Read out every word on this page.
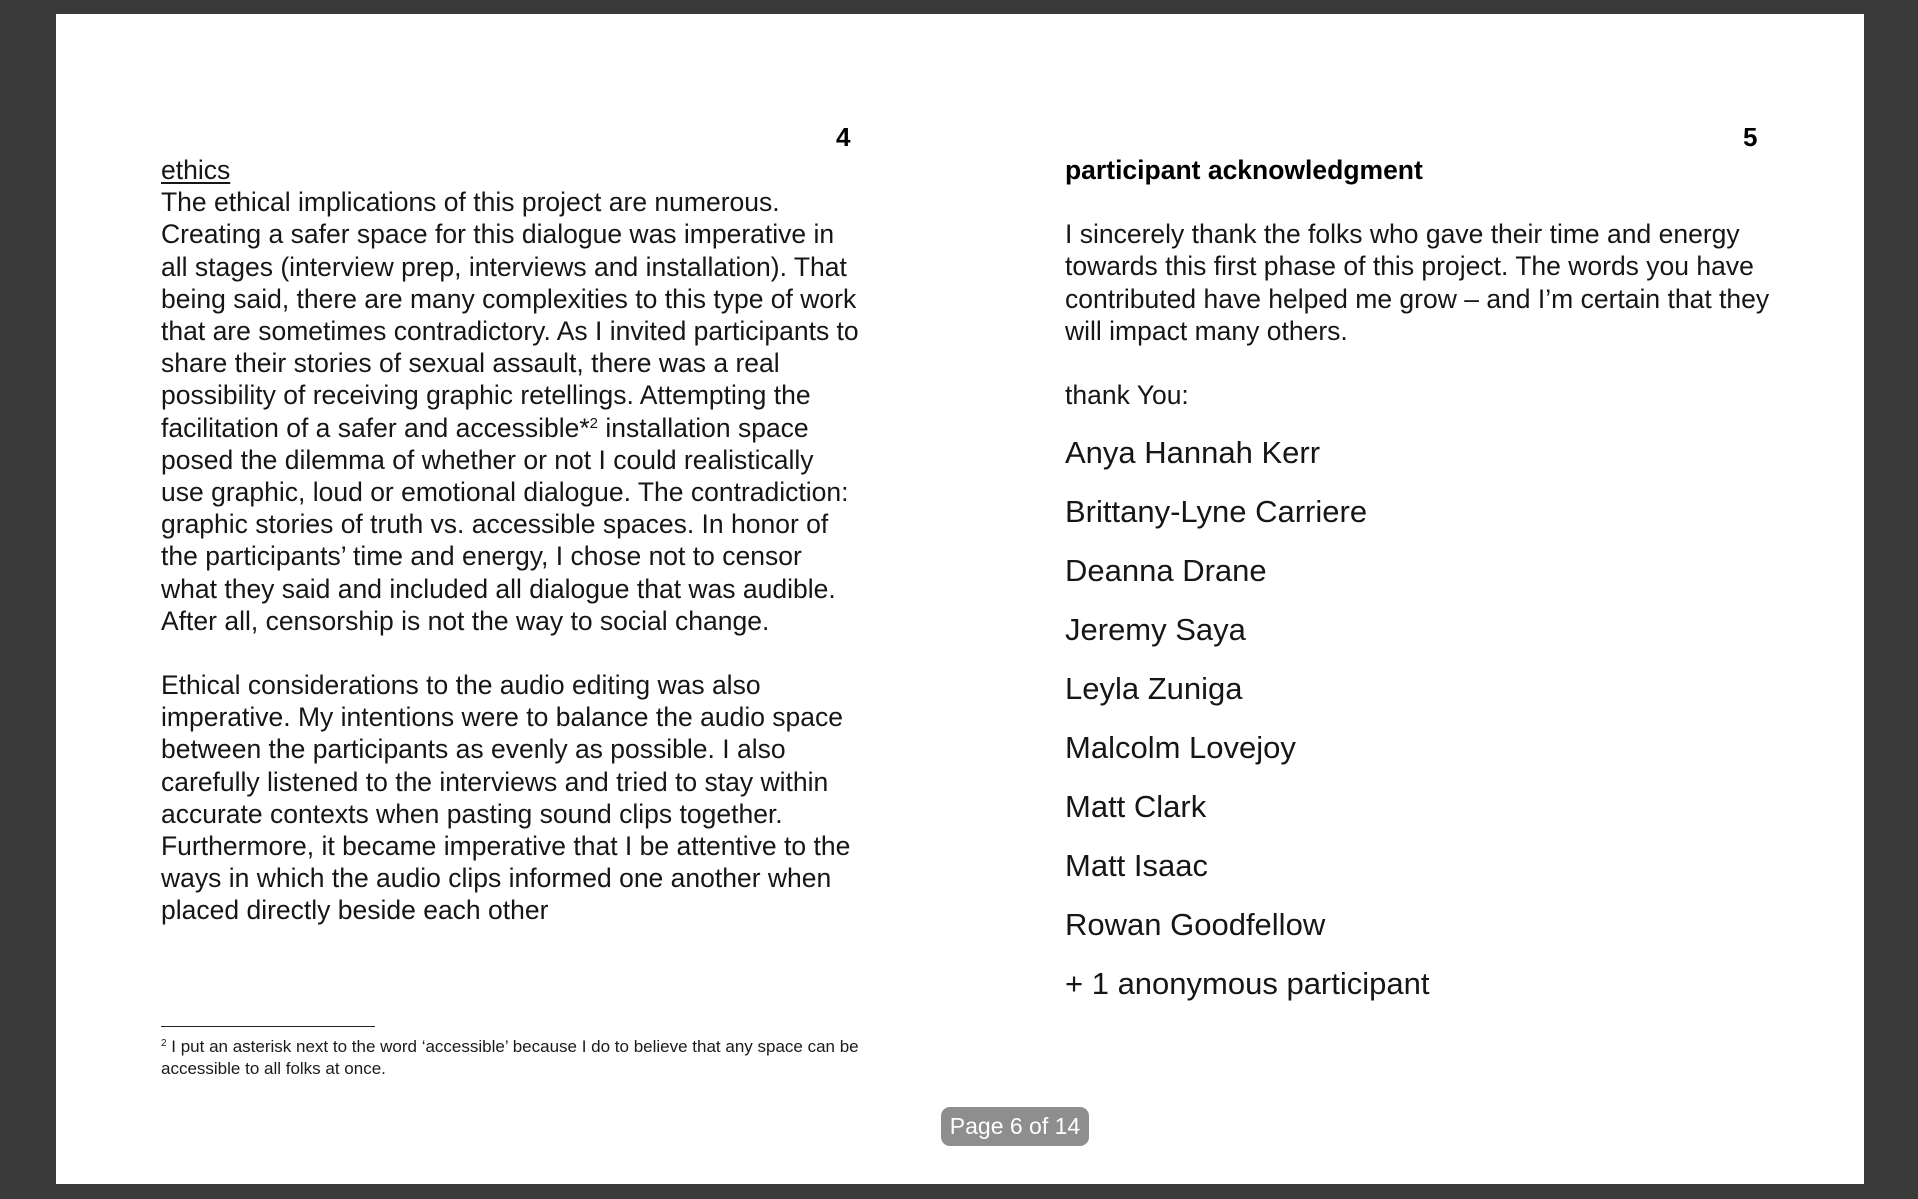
4

ethics

The ethical implications of this project are numerous. Creating a safer space for this dialogue was imperative in all stages (interview prep, interviews and installation). That being said, there are many complexities to this type of work that are sometimes contradictory. As I invited participants to share their stories of sexual assault, there was a real possibility of receiving graphic retellings. Attempting the facilitation of a safer and accessible*$^2$ installation space posed the dilemma of whether or not I could realistically use graphic, loud or emotional dialogue. The contradiction: graphic stories of truth vs. accessible spaces. In honor of the participants’ time and energy, I chose not to censor what they said and included all dialogue that was audible. After all, censorship is not the way to social change.

Ethical considerations to the audio editing was also imperative. My intentions were to balance the audio space between the participants as evenly as possible. I also carefully listened to the interviews and tried to stay within accurate contexts when pasting sound clips together. Furthermore, it became imperative that I be attentive to the ways in which the audio clips informed one another when placed directly beside each other

$^2$ I put an asterisk next to the word ‘accessible’ because I do to believe that any space can be accessible to all folks at once.
5

participant acknowledgment

I sincerely thank the folks who gave their time and energy towards this first phase of this project. The words you have contributed have helped me grow – and I’m certain that they will impact many others.

thank You:

Anya Hannah Kerr
Brittany-Lyne Carriere
Deanna Drane
Jeremy Saya
Leyla Zuniga
Malcolm Lovejoy
Matt Clark
Matt Isaac
Rowan Goodfellow
+ 1 anonymous participant
Page 6 of 14
